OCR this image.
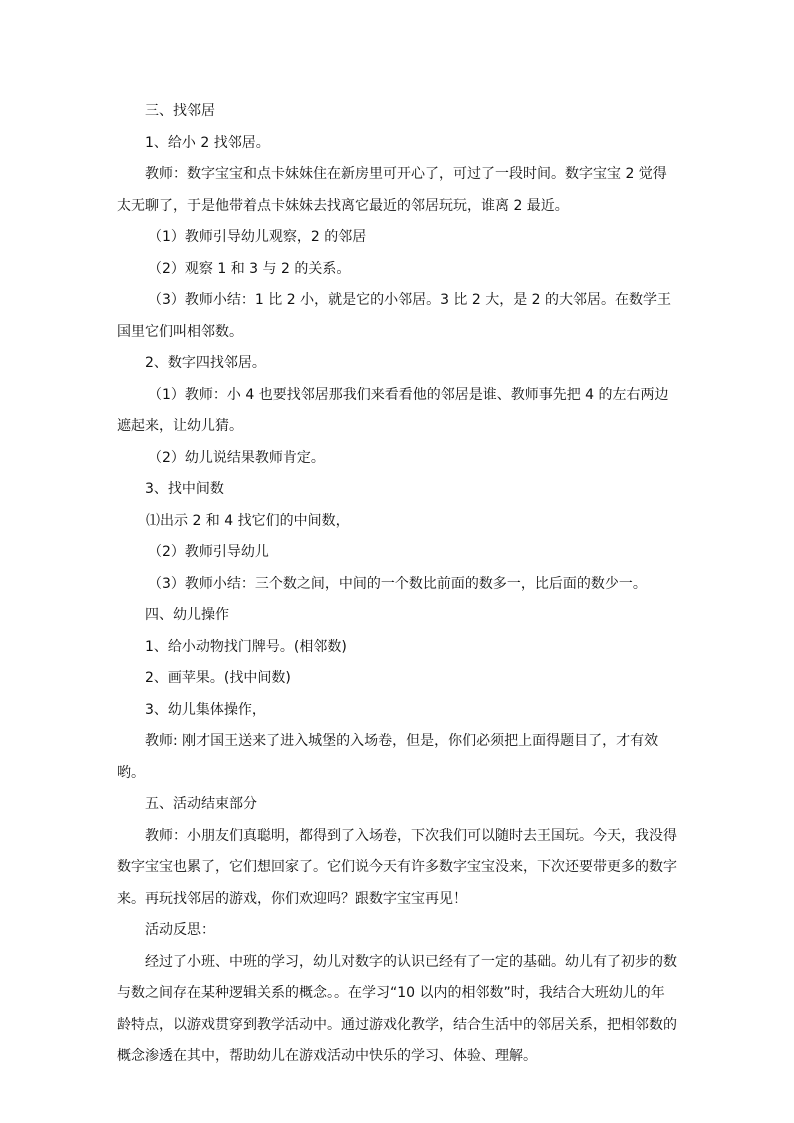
三、找邻居

1、给小 2 找邻居。

教师：数字宝宝和点卡妹妹住在新房里可开心了，可过了一段时间。数字宝宝 2 觉得太无聊了，于是他带着点卡妹妹去找离它最近的邻居玩玩，谁离 2 最近。

（1）教师引导幼儿观察，2 的邻居

（2）观察 1 和 3 与 2 的关系。

（3）教师小结：1 比 2 小，就是它的小邻居。3 比 2 大，是 2 的大邻居。在数学王国里它们叫相邻数。

2、数字四找邻居。

（1）教师：小 4 也要找邻居那我们来看看他的邻居是谁、教师事先把 4 的左右两边遮起来，让幼儿猜。

（2）幼儿说结果教师肯定。

3、找中间数

⑴出示 2 和 4 找它们的中间数，

（2）教师引导幼儿

（3）教师小结：三个数之间，中间的一个数比前面的数多一，比后面的数少一。

四、幼儿操作

1、给小动物找门牌号。(相邻数)

2、画苹果。(找中间数)

3、幼儿集体操作，

教师: 刚才国王送来了进入城堡的入场卷，但是，你们必须把上面得题目了，才有效哟。

五、活动结束部分

教师：小朋友们真聪明，都得到了入场卷，下次我们可以随时去王国玩。今天，我没得数字宝宝也累了，它们想回家了。它们说今天有许多数字宝宝没来，下次还要带更多的数字来。再玩找邻居的游戏，你们欢迎吗？跟数字宝宝再见！

活动反思：

经过了小班、中班的学习，幼儿对数字的认识已经有了一定的基础。幼儿有了初步的数与数之间存在某种逻辑关系的概念。。在学习“10 以内的相邻数”时，我结合大班幼儿的年龄特点，以游戏贯穿到教学活动中。通过游戏化教学，结合生活中的邻居关系，把相邻数的概念渗透在其中，帮助幼儿在游戏活动中快乐的学习、体验、理解。
